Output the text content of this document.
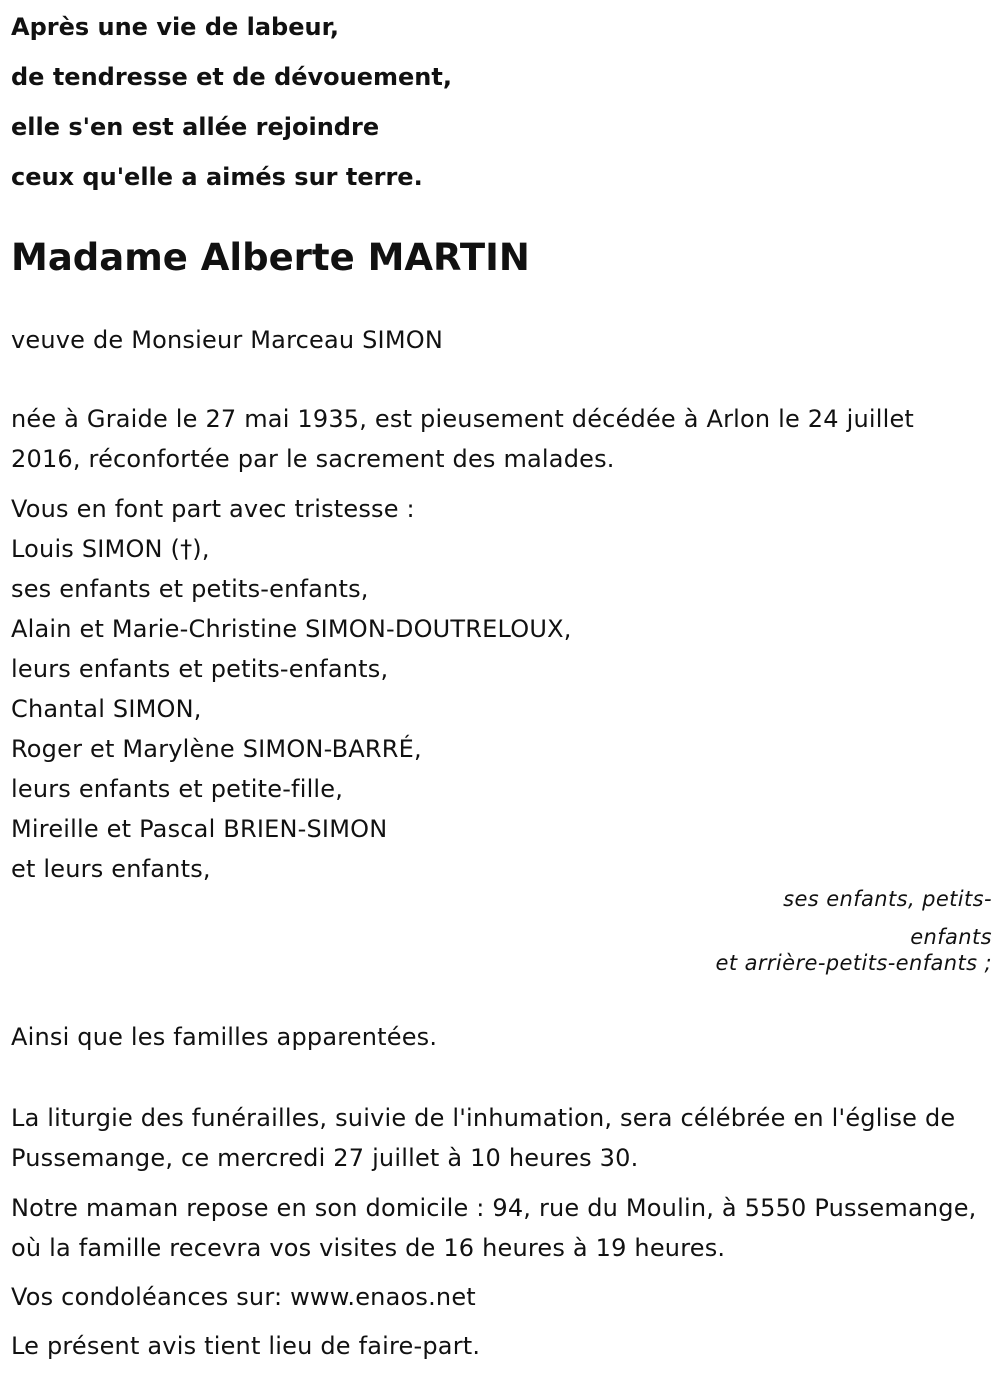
Après une vie de labeur,
de tendresse et de dévouement,
elle s'en est allée rejoindre
ceux qu'elle a aimés sur terre.
Madame Alberte MARTIN
veuve de Monsieur Marceau SIMON
née à Graide le 27 mai 1935, est pieusement décédée à Arlon le 24 juillet 2016, réconfortée par le sacrement des malades.
Vous en font part avec tristesse :
Louis SIMON (†),
ses enfants et petits-enfants,
Alain et Marie-Christine SIMON-DOUTRELOUX,
leurs enfants et petits-enfants,
Chantal SIMON,
Roger et Marylène SIMON-BARRÉ,
leurs enfants et petite-fille,
Mireille et Pascal BRIEN-SIMON
et leurs enfants,
ses enfants, petits-enfants
et arrière-petits-enfants ;
Ainsi que les familles apparentées.
La liturgie des funérailles, suivie de l'inhumation, sera célébrée en l'église de Pussemange, ce mercredi 27 juillet à 10 heures 30.
Notre maman repose en son domicile : 94, rue du Moulin, à 5550 Pussemange, où la famille recevra vos visites de 16 heures à 19 heures.
Vos condoléances sur: www.enaos.net
Le présent avis tient lieu de faire-part.
